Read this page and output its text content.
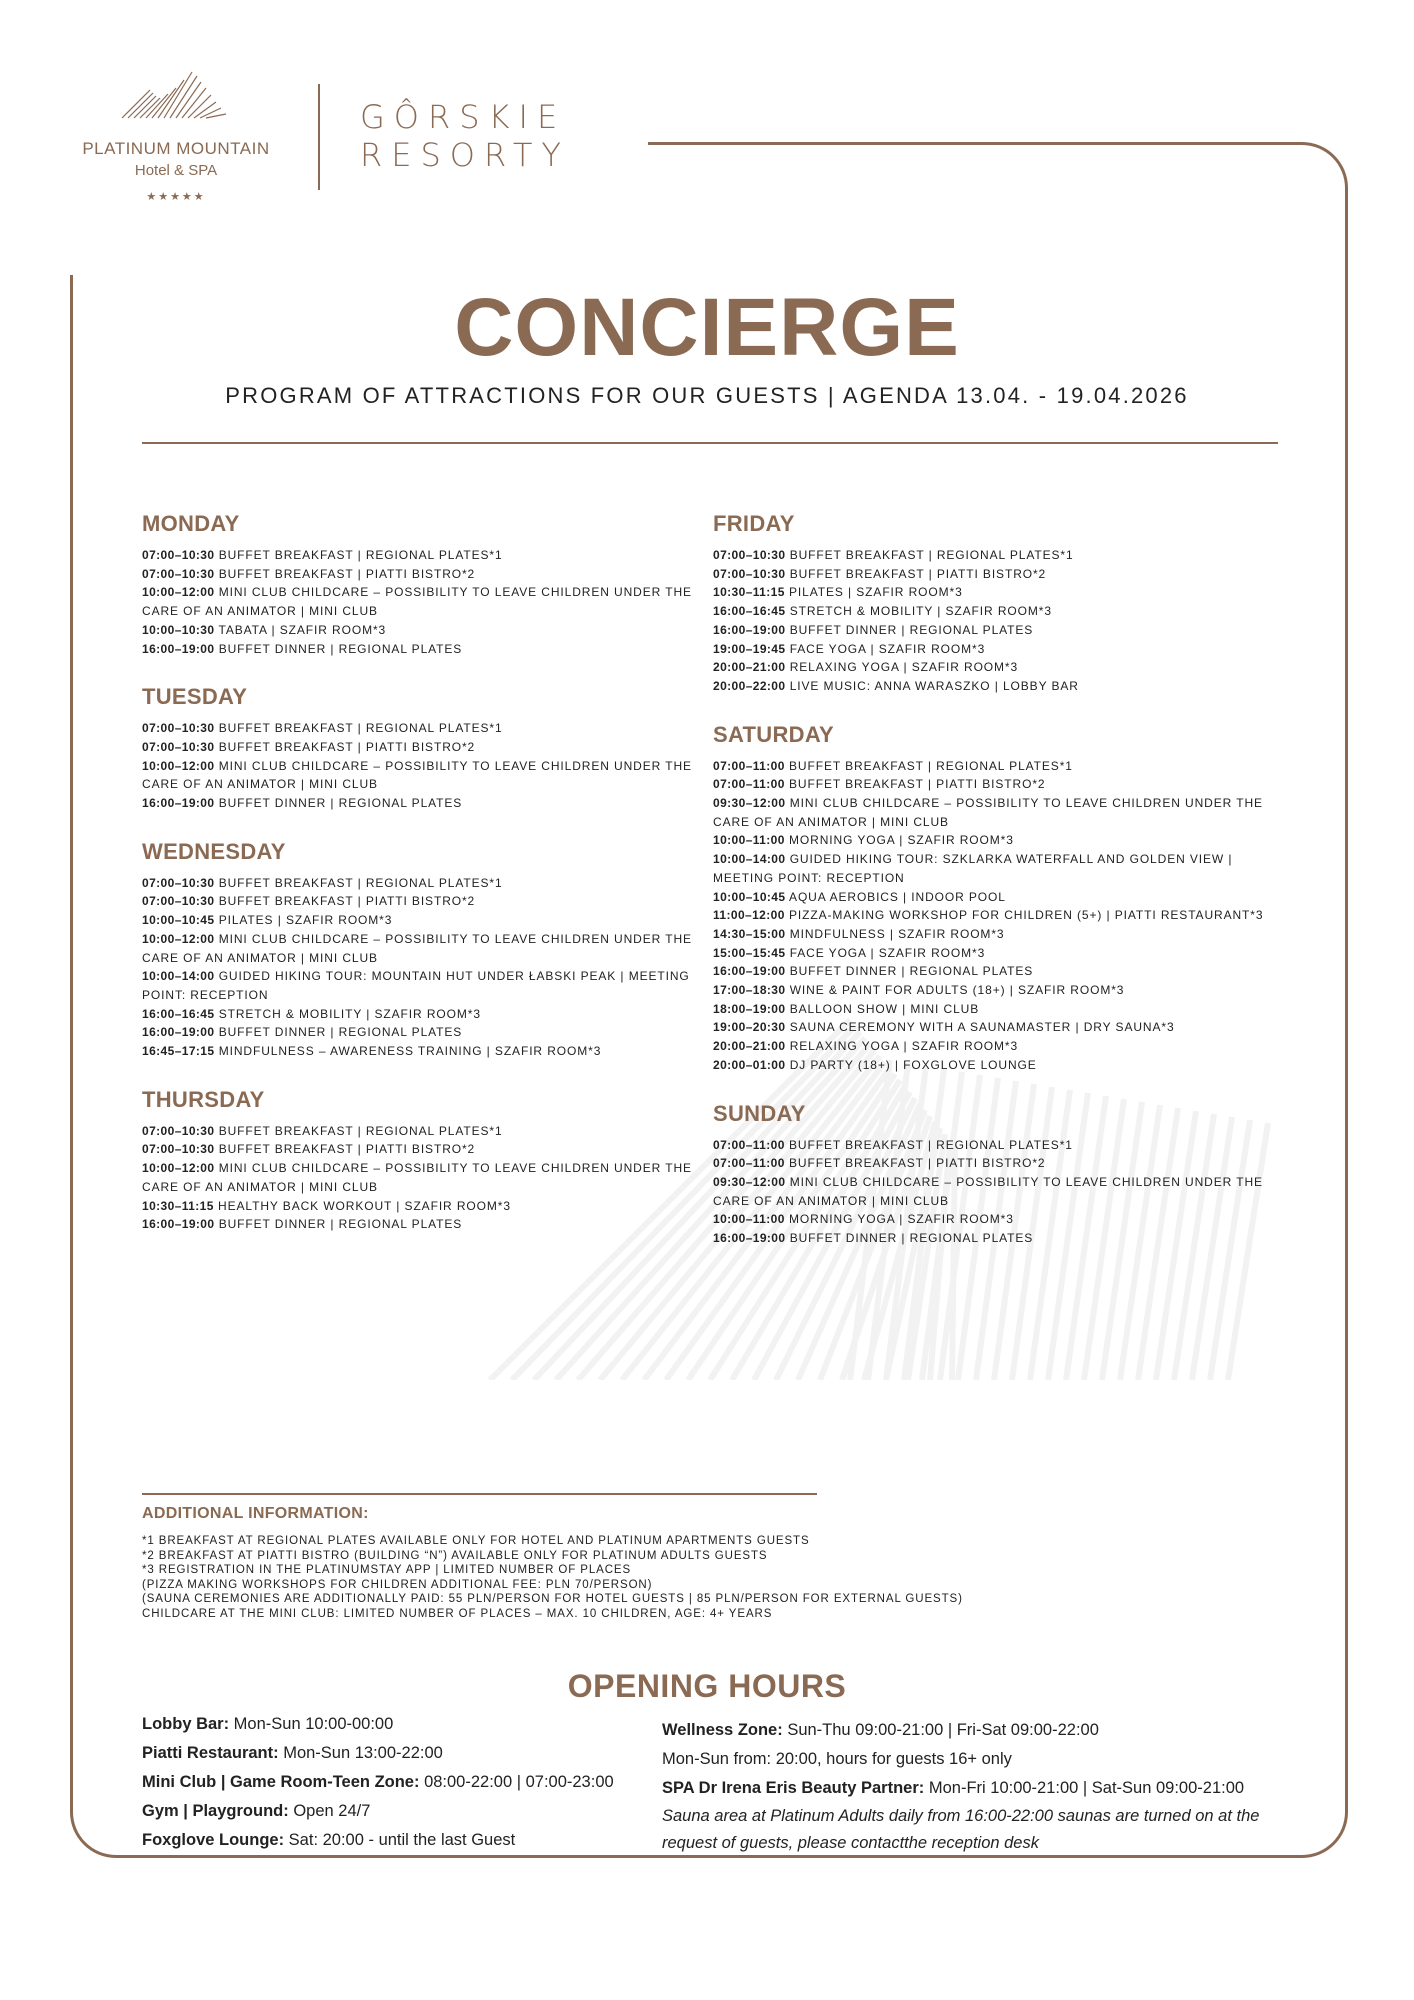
PLATINUM MOUNTAIN
Hotel & SPA
★★★★★
GÔRSKIE
RESORTY
CONCIERGE
PROGRAM OF ATTRACTIONS FOR OUR GUESTS | AGENDA 13.04. - 19.04.2026
MONDAY
07:00–10:30 BUFFET BREAKFAST | REGIONAL PLATES*1
07:00–10:30 BUFFET BREAKFAST | PIATTI BISTRO*2
10:00–12:00 MINI CLUB CHILDCARE – POSSIBILITY TO LEAVE CHILDREN UNDER THE CARE OF AN ANIMATOR | MINI CLUB
10:00–10:30 TABATA | SZAFIR ROOM*3
16:00–19:00 BUFFET DINNER | REGIONAL PLATES
TUESDAY
07:00–10:30 BUFFET BREAKFAST | REGIONAL PLATES*1
07:00–10:30 BUFFET BREAKFAST | PIATTI BISTRO*2
10:00–12:00 MINI CLUB CHILDCARE – POSSIBILITY TO LEAVE CHILDREN UNDER THE CARE OF AN ANIMATOR | MINI CLUB
16:00–19:00 BUFFET DINNER | REGIONAL PLATES
WEDNESDAY
07:00–10:30 BUFFET BREAKFAST | REGIONAL PLATES*1
07:00–10:30 BUFFET BREAKFAST | PIATTI BISTRO*2
10:00–10:45 PILATES | SZAFIR ROOM*3
10:00–12:00 MINI CLUB CHILDCARE – POSSIBILITY TO LEAVE CHILDREN UNDER THE CARE OF AN ANIMATOR | MINI CLUB
10:00–14:00 GUIDED HIKING TOUR: MOUNTAIN HUT UNDER ŁABSKI PEAK | MEETING POINT: RECEPTION
16:00–16:45 STRETCH & MOBILITY | SZAFIR ROOM*3
16:00–19:00 BUFFET DINNER | REGIONAL PLATES
16:45–17:15 MINDFULNESS – AWARENESS TRAINING | SZAFIR ROOM*3
THURSDAY
07:00–10:30 BUFFET BREAKFAST | REGIONAL PLATES*1
07:00–10:30 BUFFET BREAKFAST | PIATTI BISTRO*2
10:00–12:00 MINI CLUB CHILDCARE – POSSIBILITY TO LEAVE CHILDREN UNDER THE CARE OF AN ANIMATOR | MINI CLUB
10:30–11:15 HEALTHY BACK WORKOUT | SZAFIR ROOM*3
16:00–19:00 BUFFET DINNER | REGIONAL PLATES
FRIDAY
07:00–10:30 BUFFET BREAKFAST | REGIONAL PLATES*1
07:00–10:30 BUFFET BREAKFAST | PIATTI BISTRO*2
10:30–11:15 PILATES | SZAFIR ROOM*3
16:00–16:45 STRETCH & MOBILITY | SZAFIR ROOM*3
16:00–19:00 BUFFET DINNER | REGIONAL PLATES
19:00–19:45 FACE YOGA | SZAFIR ROOM*3
20:00–21:00 RELAXING YOGA | SZAFIR ROOM*3
20:00–22:00 LIVE MUSIC: ANNA WARASZKO | LOBBY BAR
SATURDAY
07:00–11:00 BUFFET BREAKFAST | REGIONAL PLATES*1
07:00–11:00 BUFFET BREAKFAST | PIATTI BISTRO*2
09:30–12:00 MINI CLUB CHILDCARE – POSSIBILITY TO LEAVE CHILDREN UNDER THE CARE OF AN ANIMATOR | MINI CLUB
10:00–11:00 MORNING YOGA | SZAFIR ROOM*3
10:00–14:00 GUIDED HIKING TOUR: SZKLARKA WATERFALL AND GOLDEN VIEW | MEETING POINT: RECEPTION
10:00–10:45 AQUA AEROBICS | INDOOR POOL
11:00–12:00 PIZZA-MAKING WORKSHOP FOR CHILDREN (5+) | PIATTI RESTAURANT*3
14:30–15:00 MINDFULNESS | SZAFIR ROOM*3
15:00–15:45 FACE YOGA | SZAFIR ROOM*3
16:00–19:00 BUFFET DINNER | REGIONAL PLATES
17:00–18:30 WINE & PAINT FOR ADULTS (18+) | SZAFIR ROOM*3
18:00–19:00 BALLOON SHOW | MINI CLUB
19:00–20:30 SAUNA CEREMONY WITH A SAUNAMASTER | DRY SAUNA*3
20:00–21:00 RELAXING YOGA | SZAFIR ROOM*3
20:00–01:00 DJ PARTY (18+) | FOXGLOVE LOUNGE
SUNDAY
07:00–11:00 BUFFET BREAKFAST | REGIONAL PLATES*1
07:00–11:00 BUFFET BREAKFAST | PIATTI BISTRO*2
09:30–12:00 MINI CLUB CHILDCARE – POSSIBILITY TO LEAVE CHILDREN UNDER THE CARE OF AN ANIMATOR | MINI CLUB
10:00–11:00 MORNING YOGA | SZAFIR ROOM*3
16:00–19:00 BUFFET DINNER | REGIONAL PLATES
ADDITIONAL INFORMATION:
*1 BREAKFAST AT REGIONAL PLATES AVAILABLE ONLY FOR HOTEL AND PLATINUM APARTMENTS GUESTS
*2 BREAKFAST AT PIATTI BISTRO (BUILDING “N”) AVAILABLE ONLY FOR PLATINUM ADULTS GUESTS
*3 REGISTRATION IN THE PLATINUMSTAY APP | LIMITED NUMBER OF PLACES
(PIZZA MAKING WORKSHOPS FOR CHILDREN ADDITIONAL FEE: PLN 70/PERSON)
(SAUNA CEREMONIES ARE ADDITIONALLY PAID: 55 PLN/PERSON FOR HOTEL GUESTS | 85 PLN/PERSON FOR EXTERNAL GUESTS)
CHILDCARE AT THE MINI CLUB: LIMITED NUMBER OF PLACES – MAX. 10 CHILDREN, AGE: 4+ YEARS
OPENING HOURS
Lobby Bar: Mon-Sun 10:00-00:00
Piatti Restaurant: Mon-Sun 13:00-22:00
Mini Club | Game Room-Teen Zone: 08:00-22:00 | 07:00-23:00
Gym | Playground: Open 24/7
Foxglove Lounge: Sat: 20:00 - until the last Guest
Wellness Zone: Sun-Thu 09:00-21:00 | Fri-Sat 09:00-22:00
Mon-Sun from: 20:00, hours for guests 16+ only
SPA Dr Irena Eris Beauty Partner: Mon-Fri 10:00-21:00 | Sat-Sun 09:00-21:00
Sauna area at Platinum Adults daily from 16:00-22:00 saunas are turned on at the request of guests, please contactthe reception desk
